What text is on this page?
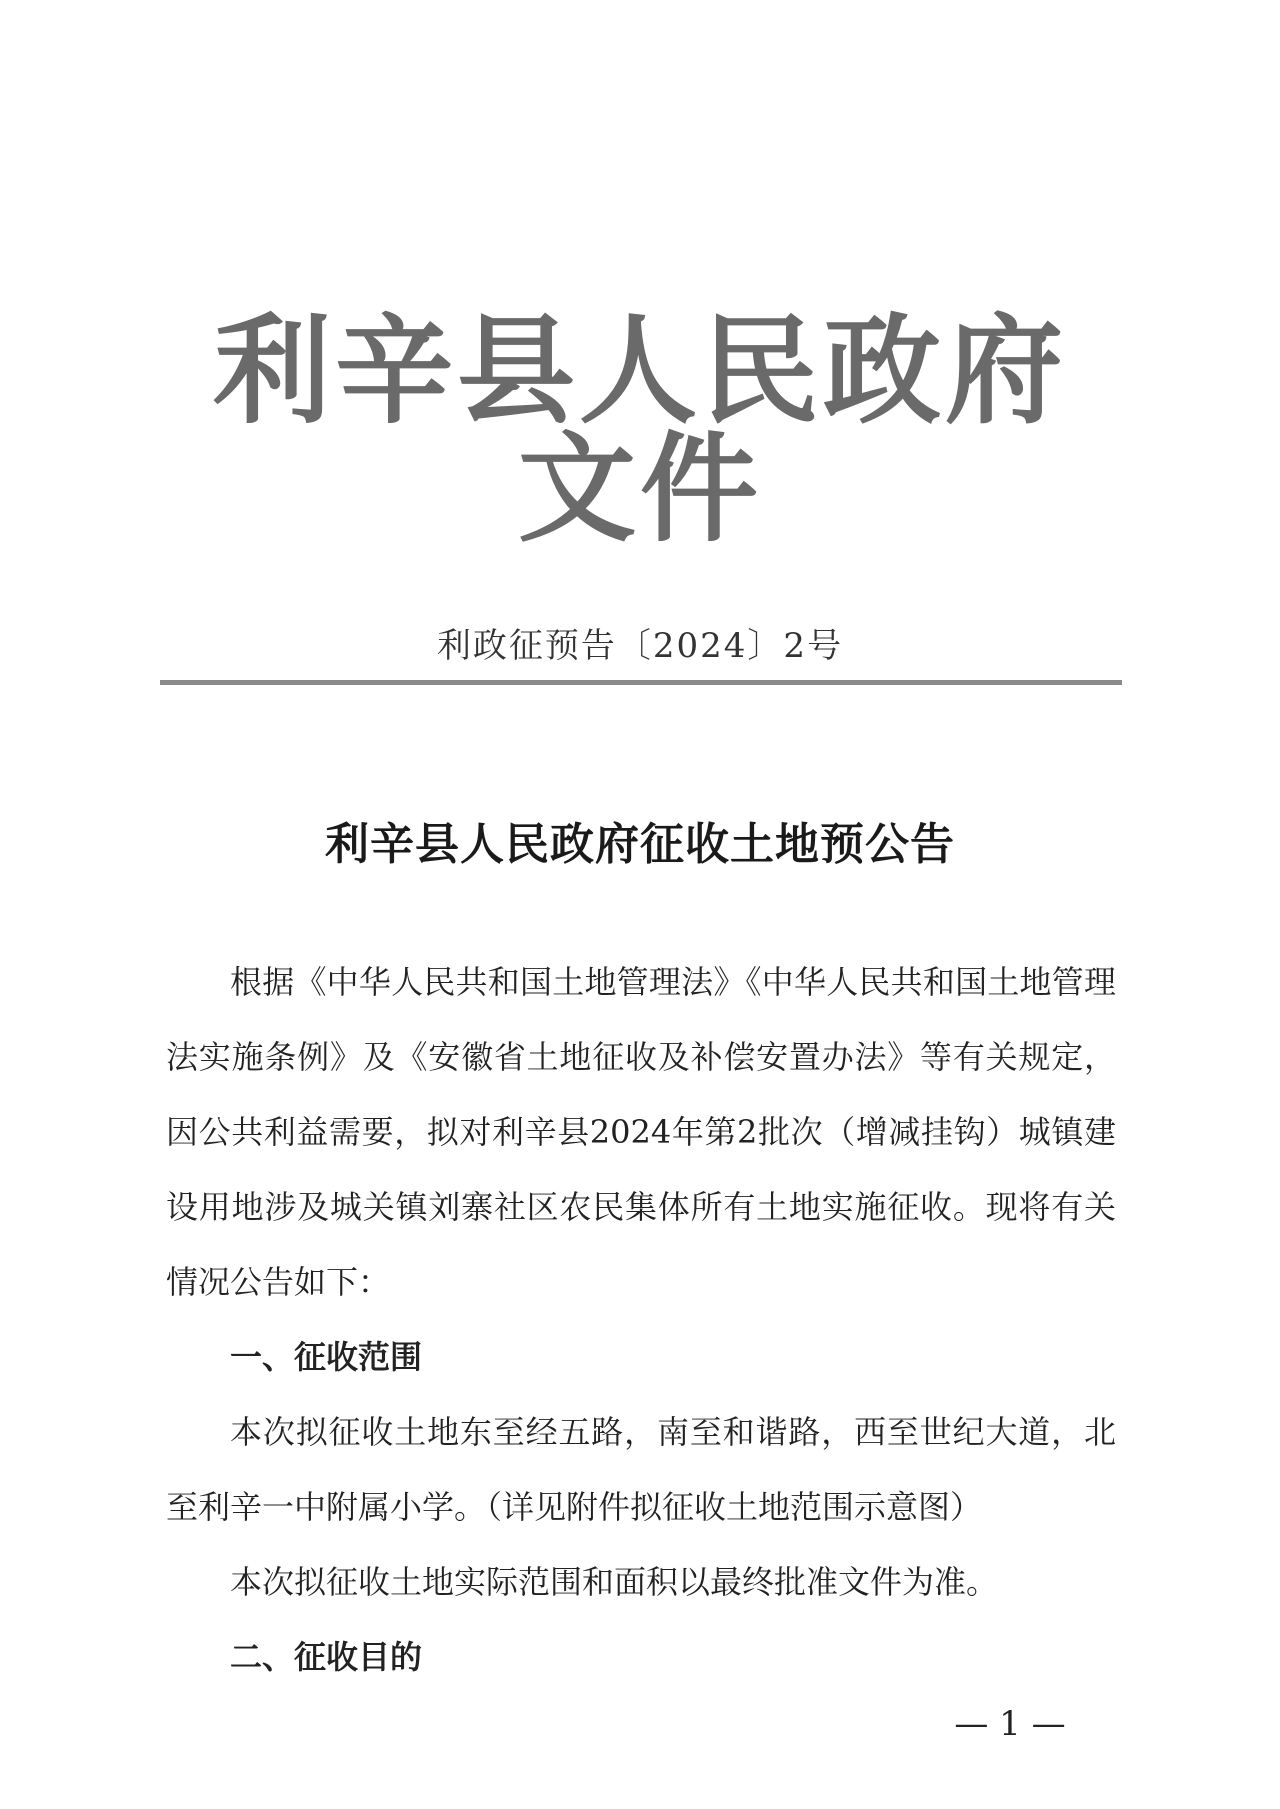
利辛县人民政府文件
利政征预告〔2024〕2号
利辛县人民政府征收土地预公告

根据《中华人民共和国土地管理法》《中华人民共和国土地管理法实施条例》及《安徽省土地征收及补偿安置办法》等有关规定，因公共利益需要，拟对利辛县2024年第2批次（增减挂钩）城镇建设用地涉及城关镇刘寨社区农民集体所有土地实施征收。现将有关情况公告如下：

一、征收范围

本次拟征收土地东至经五路，南至和谐路，西至世纪大道，北至利辛一中附属小学。（详见附件拟征收土地范围示意图）

本次拟征收土地实际范围和面积以最终批准文件为准。

二、征收目的

— 1 —
